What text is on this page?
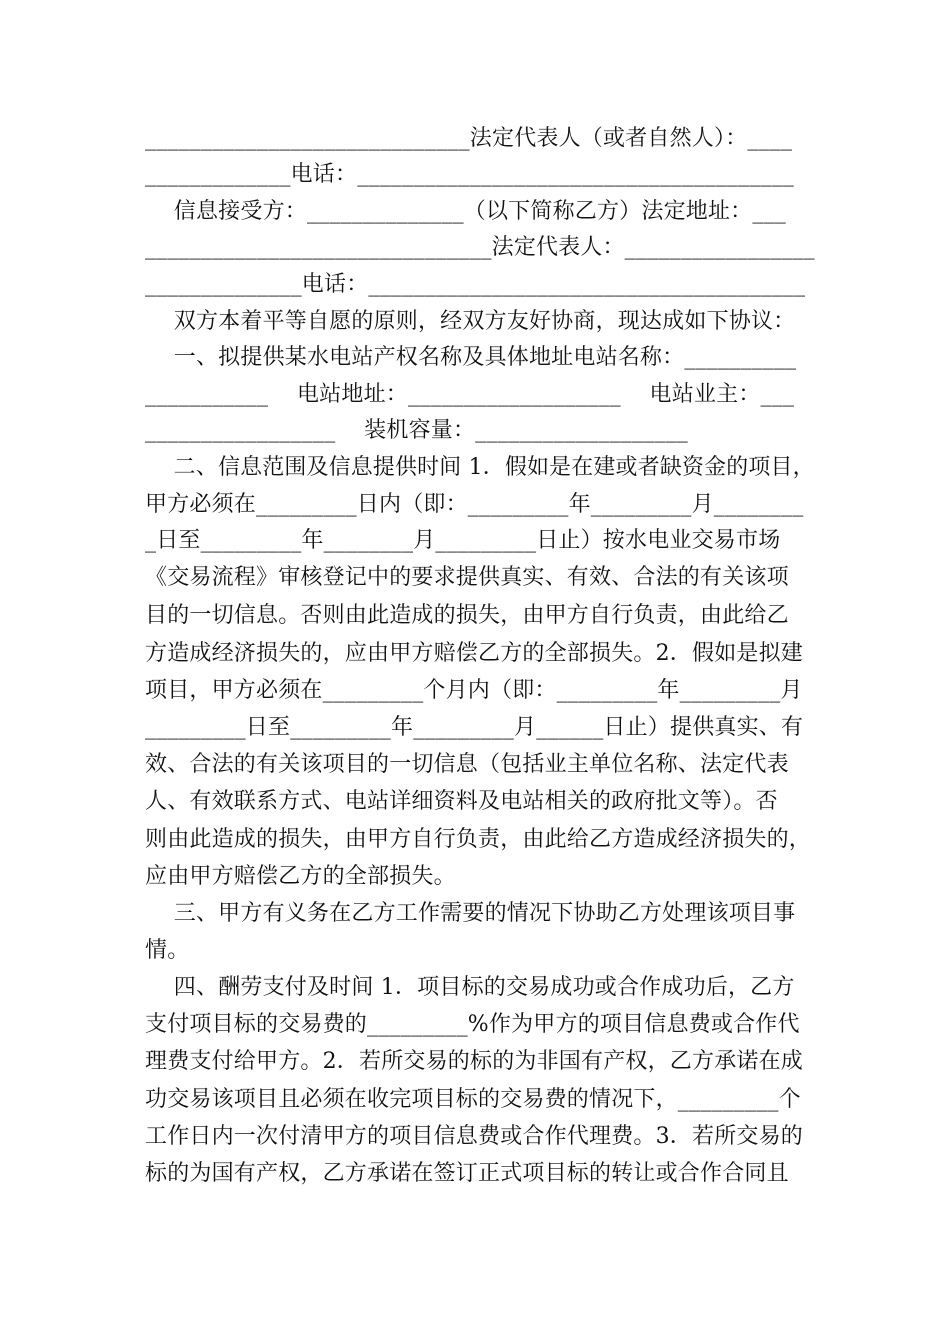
_____________________________法定代表人（或者自然人）：____
_____________电话：_______________________________________
信息接受方：______________（以下简称乙方）法定地址：___
_______________________________法定代表人：_________________
______________电话：_______________________________________
双方本着平等自愿的原则，经双方友好协商，现达成如下协议：
一、拟提供某水电站产权名称及具体地址电站名称：__________
___________    电站地址：___________________    电站业主：___
_________________    装机容量：___________________
二、信息范围及信息提供时间 1．假如是在建或者缺资金的项目，
甲方必须在_________日内（即：_________年_________月________
_日至_________年________月_________日止）按水电业交易市场
《交易流程》审核登记中的要求提供真实、有效、合法的有关该项
目的一切信息。否则由此造成的损失，由甲方自行负责，由此给乙
方造成经济损失的，应由甲方赔偿乙方的全部损失。2．假如是拟建
项目，甲方必须在_________个月内（即：_________年_________月
_________日至_________年_________月______日止）提供真实、有
效、合法的有关该项目的一切信息（包括业主单位名称、法定代表
人、有效联系方式、电站详细资料及电站相关的政府批文等）。否
则由此造成的损失，由甲方自行负责，由此给乙方造成经济损失的，
应由甲方赔偿乙方的全部损失。
三、甲方有义务在乙方工作需要的情况下协助乙方处理该项目事
情。
四、酬劳支付及时间 1．项目标的交易成功或合作成功后，乙方
支付项目标的交易费的_________%作为甲方的项目信息费或合作代
理费支付给甲方。2．若所交易的标的为非国有产权，乙方承诺在成
功交易该项目且必须在收完项目标的交易费的情况下，_________个
工作日内一次付清甲方的项目信息费或合作代理费。3．若所交易的
标的为国有产权，乙方承诺在签订正式项目标的转让或合作合同且
